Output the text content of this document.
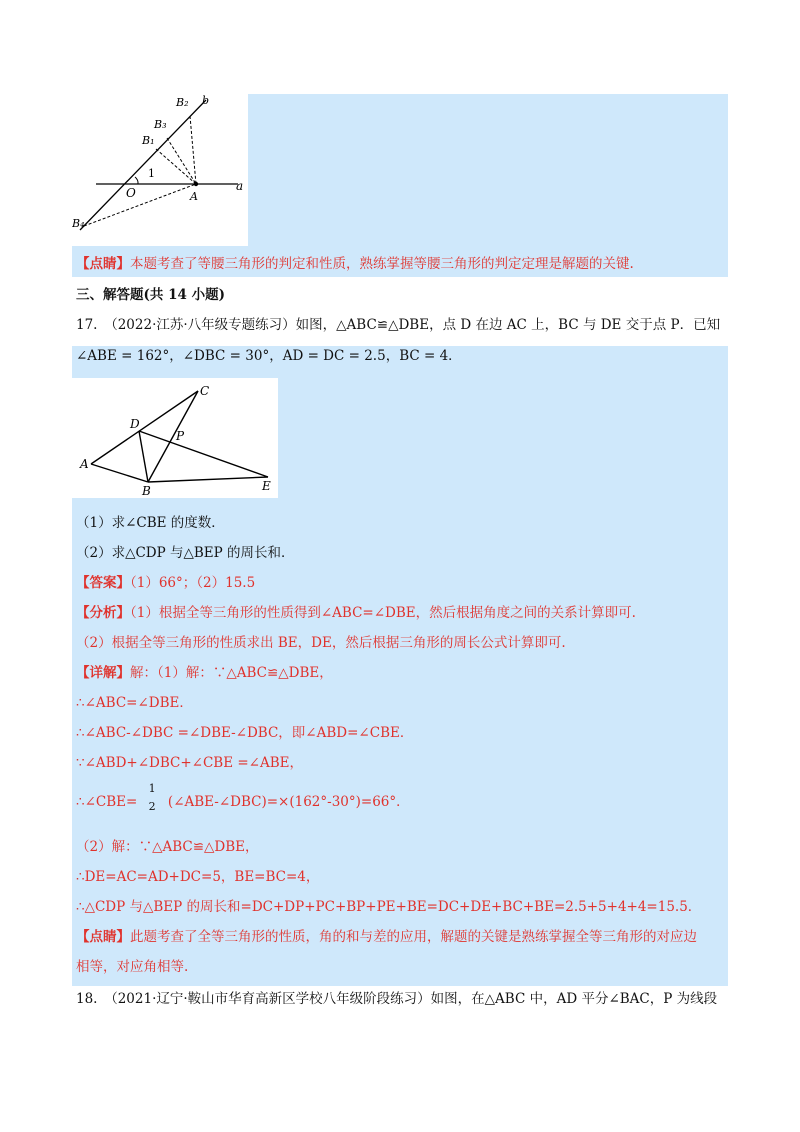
B₂ b
B₃
B₁
1
O	A
a
B₄
【点睛】本题考查了等腰三角形的判定和性质，熟练掌握等腰三角形的判定定理是解题的关键.
三、解答题(共 14 小题)
17.　（2022·江苏·八年级专题练习）如图，△ABC≌△DBE，点 D 在边 AC 上，BC 与 DE 交于点 P．已知
∠ABE = 162°，∠DBC = 30°，AD = DC = 2.5，BC = 4．
C
D
P
A
B	E
（1）求∠CBE 的度数．
（2）求△CDP 与△BEP 的周长和．
【答案】（1）66°；（2）15.5
【分析】（1）根据全等三角形的性质得到∠ABC=∠DBE，然后根据角度之间的关系计算即可.
（2）根据全等三角形的性质求出 BE，DE，然后根据三角形的周长公式计算即可.
【详解】解：（1）解：∵△ABC≌△DBE，
∴∠ABC=∠DBE．
∴∠ABC-∠DBC =∠DBE-∠DBC，即∠ABD=∠CBE．
∵∠ABD+∠DBC+∠CBE =∠ABE，
∴∠CBE=
1
2 (∠ABE-∠DBC)=×(162°-30°)=66°．
（2）解：∵△ABC≌△DBE，
∴DE=AC=AD+DC=5，BE=BC=4，
∴△CDP 与△BEP 的周长和=DC+DP+PC+BP+PE+BE=DC+DE+BC+BE=2.5+5+4+4=15.5．
【点睛】此题考查了全等三角形的性质，角的和与差的应用，解题的关键是熟练掌握全等三角形的对应边
相等，对应角相等.
18.　（2021·辽宁·鞍山市华育高新区学校八年级阶段练习）如图，在△ABC 中，AD 平分∠BAC，P 为线段
